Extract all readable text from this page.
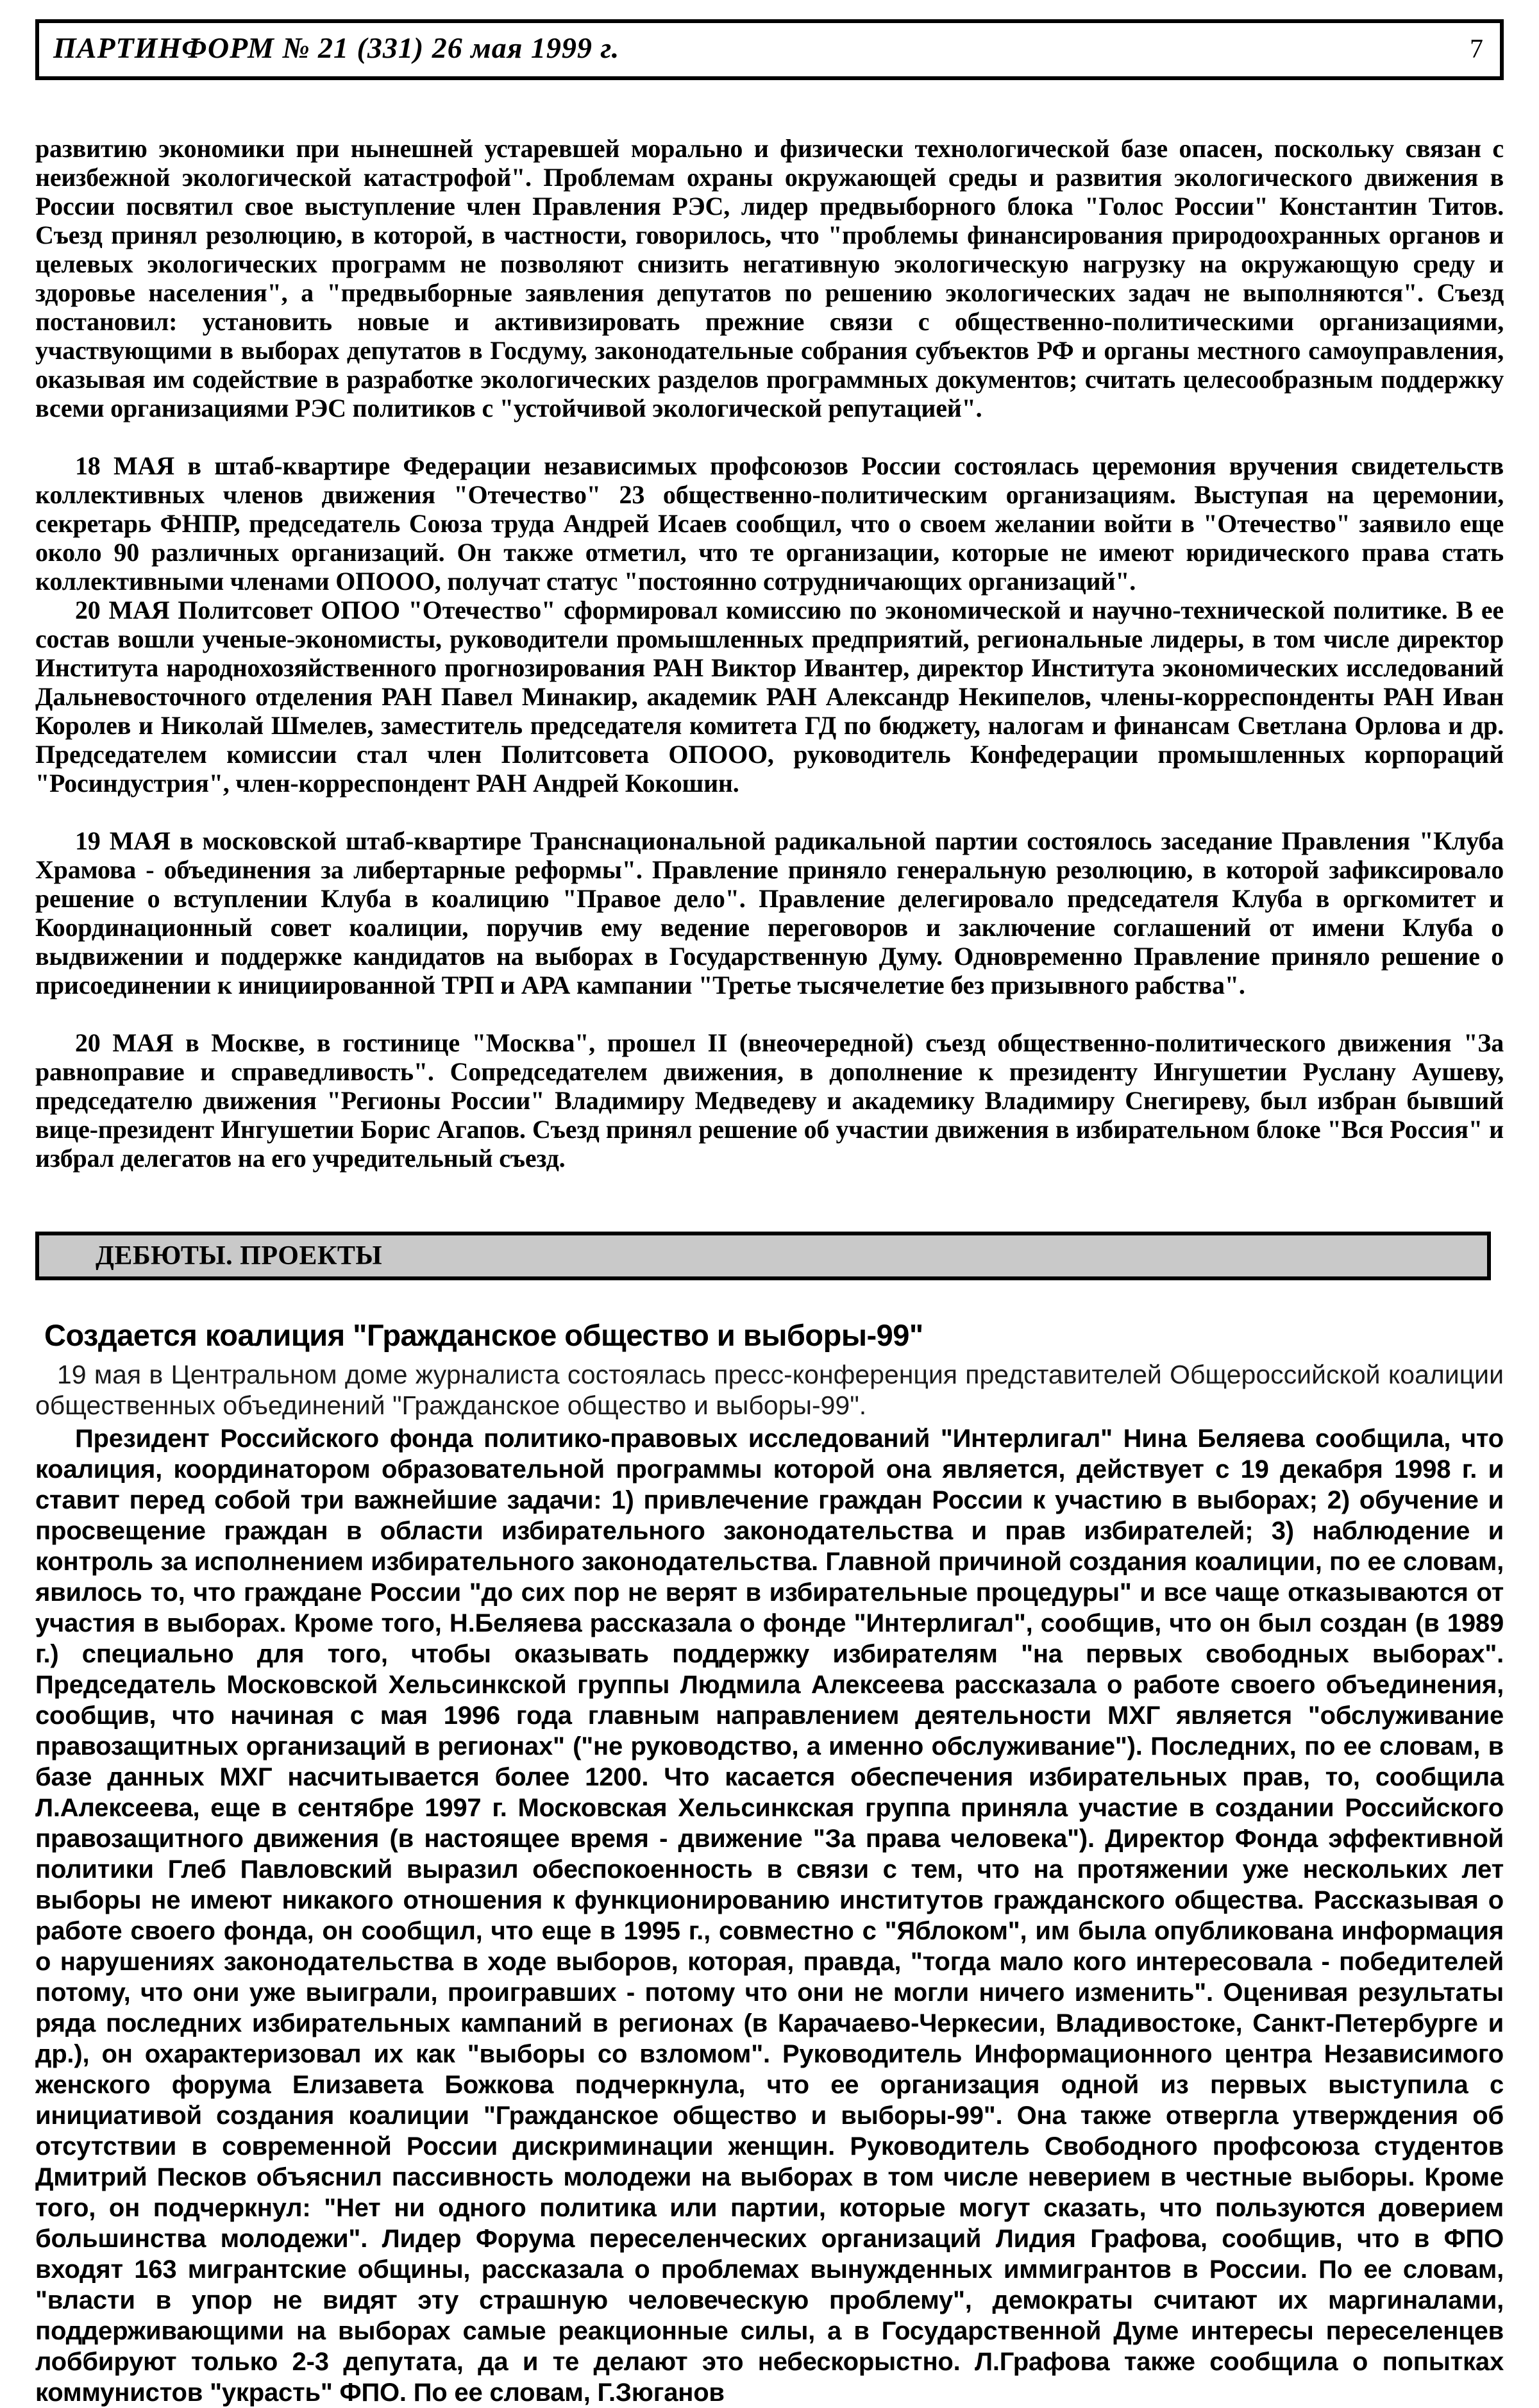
ПАРТИНФОРМ № 21 (331) 26 мая 1999 г.	7

развитию экономики при нынешней устаревшей морально и физически технологической базе опасен, поскольку связан с неизбежной экологической катастрофой". Проблемам охраны окружающей среды и развития экологического движения в России посвятил свое выступление член Правления РЭС, лидер предвыборного блока "Голос России" Константин Титов. Съезд принял резолюцию, в которой, в частности, говорилось, что "проблемы финансирования природоохранных органов и целевых экологических программ не позволяют снизить негативную экологическую нагрузку на окружающую среду и здоровье населения", а "предвыборные заявления депутатов по решению экологических задач не выполняются". Съезд постановил: установить новые и активизировать прежние связи с общественно-политическими организациями, участвующими в выборах депутатов в Госдуму, законодательные собрания субъектов РФ и органы местного самоуправления, оказывая им содействие в разработке экологических разделов программных документов; считать целесообразным поддержку всеми организациями РЭС политиков с "устойчивой экологической репутацией".

18 МАЯ в штаб-квартире Федерации независимых профсоюзов России состоялась церемония вручения свидетельств коллективных членов движения "Отечество" 23 общественно-политическим организациям. Выступая на церемонии, секретарь ФНПР, председатель Союза труда Андрей Исаев сообщил, что о своем желании войти в "Отечество" заявило еще около 90 различных организаций. Он также отметил, что те организации, которые не имеют юридического права стать коллективными членами ОПООО, получат статус "постоянно сотрудничающих организаций".

20 МАЯ Политсовет ОПОО "Отечество" сформировал комиссию по экономической и научно-технической политике. В ее состав вошли ученые-экономисты, руководители промышленных предприятий, региональные лидеры, в том числе директор Института народнохозяйственного прогнозирования РАН Виктор Ивантер, директор Института экономических исследований Дальневосточного отделения РАН Павел Минакир, академик РАН Александр Некипелов, члены-корреспонденты РАН Иван Королев и Николай Шмелев, заместитель председателя комитета ГД по бюджету, налогам и финансам Светлана Орлова и др. Председателем комиссии стал член Политсовета ОПООО, руководитель Конфедерации промышленных корпораций "Росиндустрия", член-корреспондент РАН Андрей Кокошин.

19 МАЯ в московской штаб-квартире Транснациональной радикальной партии состоялось заседание Правления "Клуба Храмова - объединения за либертарные реформы". Правление приняло генеральную резолюцию, в которой зафиксировало решение о вступлении Клуба в коалицию "Правое дело". Правление делегировало председателя Клуба в оргкомитет и Координационный совет коалиции, поручив ему ведение переговоров и заключение соглашений от имени Клуба о выдвижении и поддержке кандидатов на выборах в Государственную Думу. Одновременно Правление приняло решение о присоединении к инициированной ТРП и АРА кампании "Третье тысячелетие без призывного рабства".

20 МАЯ в Москве, в гостинице "Москва", прошел II (внеочередной) съезд общественно-политического движения "За равноправие и справедливость". Сопредседателем движения, в дополнение к президенту Ингушетии Руслану Аушеву, председателю движения "Регионы России" Владимиру Медведеву и академику Владимиру Снегиреву, был избран бывший вице-президент Ингушетии Борис Агапов. Съезд принял решение об участии движения в избирательном блоке "Вся Россия" и избрал делегатов на его учредительный съезд.

ДЕБЮТЫ. ПРОЕКТЫ
Создается коалиция "Гражданское общество и выборы-99"

19 мая в Центральном доме журналиста состоялась пресс-конференция представителей Общероссийской коалиции общественных объединений "Гражданское общество и выборы-99".

Президент Российского фонда политико-правовых исследований "Интерлигал" Нина Беляева сообщила, что коалиция, координатором образовательной программы которой она является, действует с 19 декабря 1998 г. и ставит перед собой три важнейшие задачи: 1) привлечение граждан России к участию в выборах; 2) обучение и просвещение граждан в области избирательного законодательства и прав избирателей; 3) наблюдение и контроль за исполнением избирательного законодательства. Главной причиной создания коалиции, по ее словам, явилось то, что граждане России "до сих пор не верят в избирательные процедуры" и все чаще отказываются от участия в выборах. Кроме того, Н.Беляева рассказала о фонде "Интерлигал", сообщив, что он был создан (в 1989 г.) специально для того, чтобы оказывать поддержку избирателям "на первых свободных выборах". Председатель Московской Хельсинкской группы Людмила Алексеева рассказала о работе своего объединения, сообщив, что начиная с мая 1996 года главным направлением деятельности МХГ является "обслуживание правозащитных организаций в регионах" ("не руководство, а именно обслуживание"). Последних, по ее словам, в базе данных МХГ насчитывается более 1200. Что касается обеспечения избирательных прав, то, сообщила Л.Алексеева, еще в сентябре 1997 г. Московская Хельсинкская группа приняла участие в создании Российского правозащитного движения (в настоящее время - движение "За права человека"). Директор Фонда эффективной политики Глеб Павловский выразил обеспокоенность в связи с тем, что на протяжении уже нескольких лет выборы не имеют никакого отношения к функционированию институтов гражданского общества. Рассказывая о работе своего фонда, он сообщил, что еще в 1995 г., совместно с "Яблоком", им была опубликована информация о нарушениях законодательства в ходе выборов, которая, правда, "тогда мало кого интересовала - победителей потому, что они уже выиграли, проигравших - потому что они не могли ничего изменить". Оценивая результаты ряда последних избирательных кампаний в регионах (в Карачаево-Черкесии, Владивостоке, Санкт-Петербурге и др.), он охарактеризовал их как "выборы со взломом". Руководитель Информационного центра Независимого женского форума Елизавета Божкова подчеркнула, что ее организация одной из первых выступила с инициативой создания коалиции "Гражданское общество и выборы-99". Она также отвергла утверждения об отсутствии в современной России дискриминации женщин. Руководитель Свободного профсоюза студентов Дмитрий Песков объяснил пассивность молодежи на выборах в том числе неверием в честные выборы. Кроме того, он подчеркнул: "Нет ни одного политика или партии, которые могут сказать, что пользуются доверием большинства молодежи". Лидер Форума переселенческих организаций Лидия Графова, сообщив, что в ФПО входят 163 мигрантские общины, рассказала о проблемах вынужденных иммигрантов в России. По ее словам, "власти в упор не видят эту страшную человеческую проблему", демократы считают их маргиналами, поддерживающими на выборах самые реакционные силы, а в Государственной Думе интересы переселенцев лоббируют только 2-3 депутата, да и те делают это небескорыстно. Л.Графова также сообщила о попытках коммунистов "украсть" ФПО. По ее словам, Г.Зюганов
